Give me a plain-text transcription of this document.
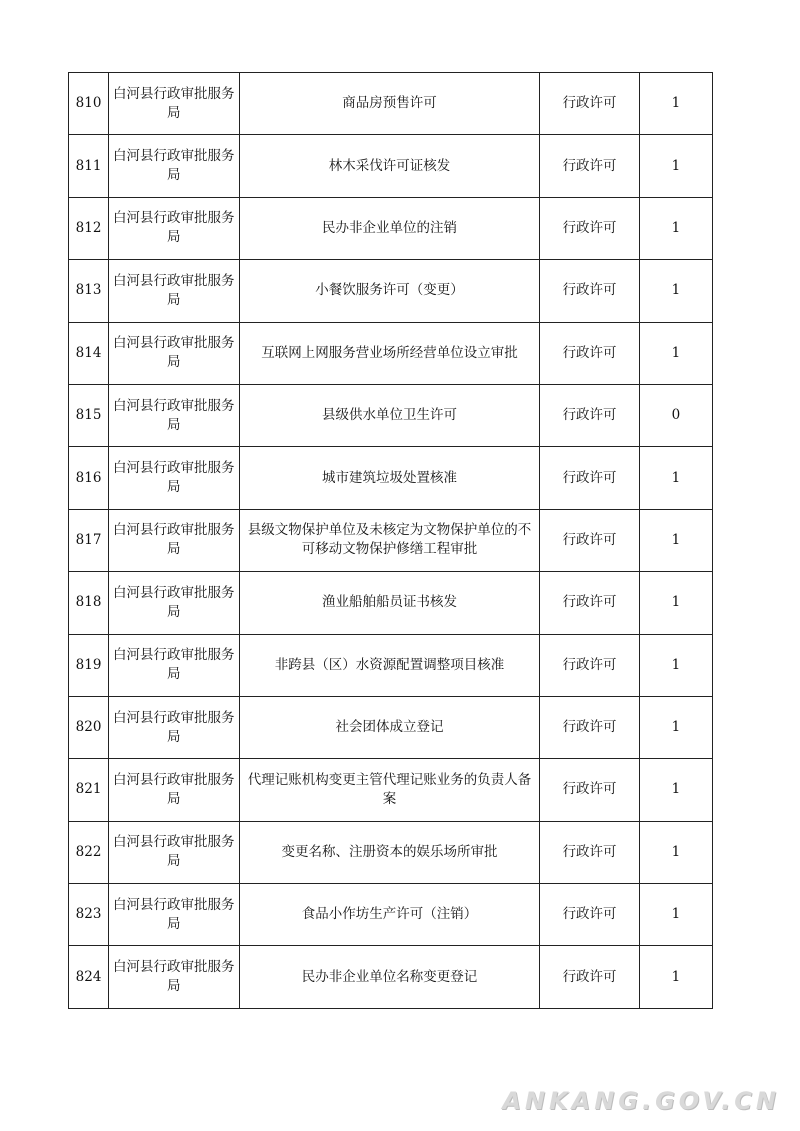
810	白河县行政审批服务局	商品房预售许可	行政许可	1
811	白河县行政审批服务局	林木采伐许可证核发	行政许可	1
812	白河县行政审批服务局	民办非企业单位的注销	行政许可	1
813	白河县行政审批服务局	小餐饮服务许可（变更）	行政许可	1
814	白河县行政审批服务局	互联网上网服务营业场所经营单位设立审批	行政许可	1
815	白河县行政审批服务局	县级供水单位卫生许可	行政许可	0
816	白河县行政审批服务局	城市建筑垃圾处置核准	行政许可	1
817	白河县行政审批服务局	县级文物保护单位及未核定为文物保护单位的不可移动文物保护修缮工程审批	行政许可	1
818	白河县行政审批服务局	渔业船舶船员证书核发	行政许可	1
819	白河县行政审批服务局	非跨县（区）水资源配置调整项目核准	行政许可	1
820	白河县行政审批服务局	社会团体成立登记	行政许可	1
821	白河县行政审批服务局	代理记账机构变更主管代理记账业务的负责人备案	行政许可	1
822	白河县行政审批服务局	变更名称、注册资本的娱乐场所审批	行政许可	1
823	白河县行政审批服务局	食品小作坊生产许可（注销）	行政许可	1
824	白河县行政审批服务局	民办非企业单位名称变更登记	行政许可	1
ANKANG.GOV.CN
